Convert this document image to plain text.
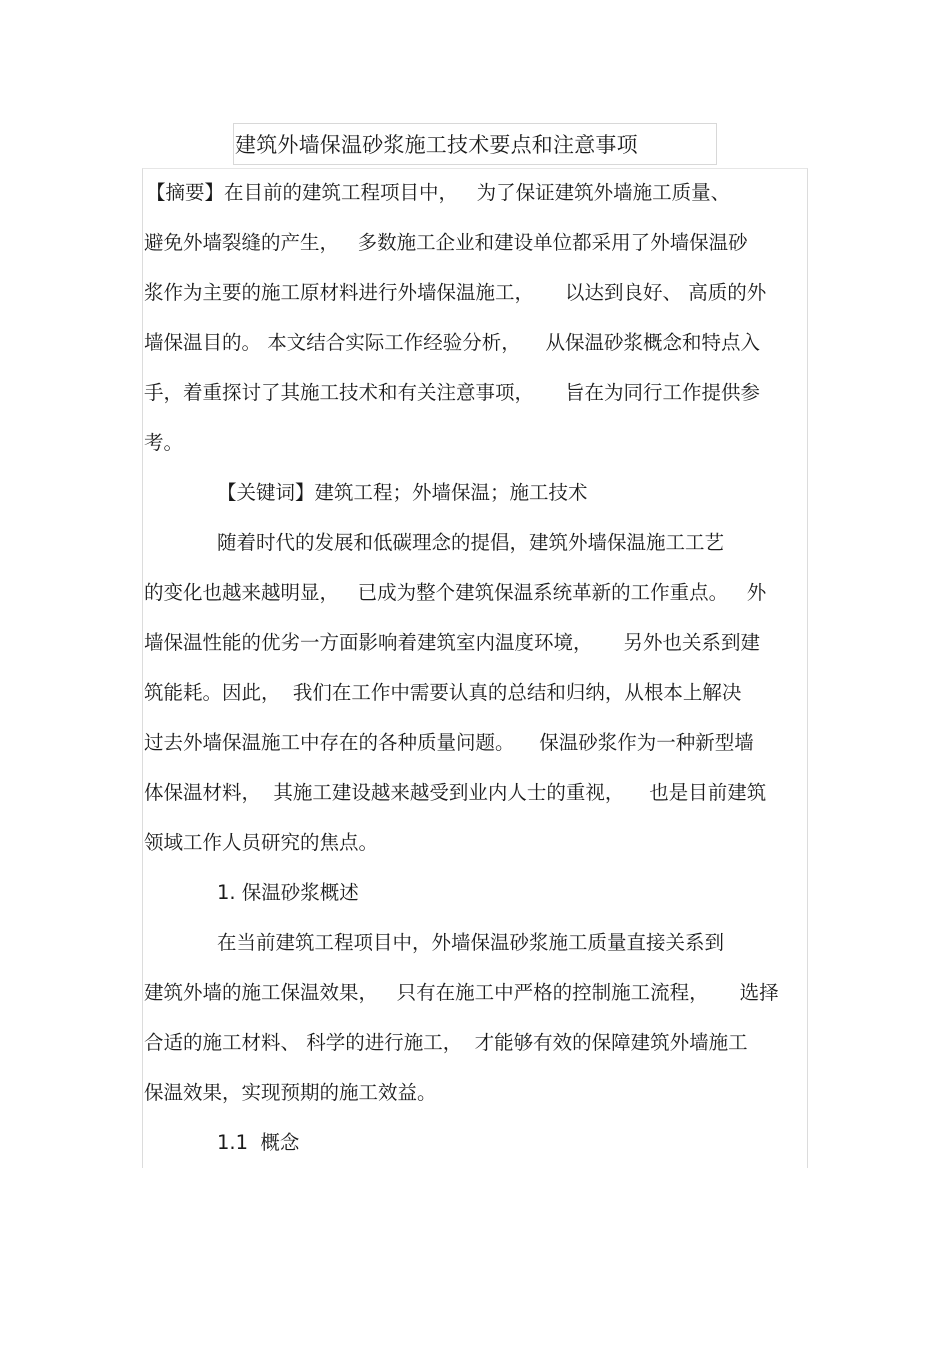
建筑外墙保温砂浆施工技术要点和注意事项
【摘要】在目前的建筑工程项目中，   为了保证建筑外墙施工质量、
避免外墙裂缝的产生，   多数施工企业和建设单位都采用了外墙保温砂
浆作为主要的施工原材料进行外墙保温施工，     以达到良好、 高质的外
墙保温目的。 本文结合实际工作经验分析，    从保温砂浆概念和特点入
手，着重探讨了其施工技术和有关注意事项，     旨在为同行工作提供参
考。
【关键词】建筑工程；外墙保温；施工技术
随着时代的发展和低碳理念的提倡，建筑外墙保温施工工艺
的变化也越来越明显，   已成为整个建筑保温系统革新的工作重点。   外
墙保温性能的优劣一方面影响着建筑室内温度环境，     另外也关系到建
筑能耗。因此，  我们在工作中需要认真的总结和归纳，从根本上解决
过去外墙保温施工中存在的各种质量问题。    保温砂浆作为一种新型墙
体保温材料，  其施工建设越来越受到业内人士的重视，    也是目前建筑
领域工作人员研究的焦点。
1. 保温砂浆概述
在当前建筑工程项目中，外墙保温砂浆施工质量直接关系到
建筑外墙的施工保温效果，   只有在施工中严格的控制施工流程，     选择
合适的施工材料、 科学的进行施工，  才能够有效的保障建筑外墙施工
保温效果，实现预期的施工效益。
1.1  概念
